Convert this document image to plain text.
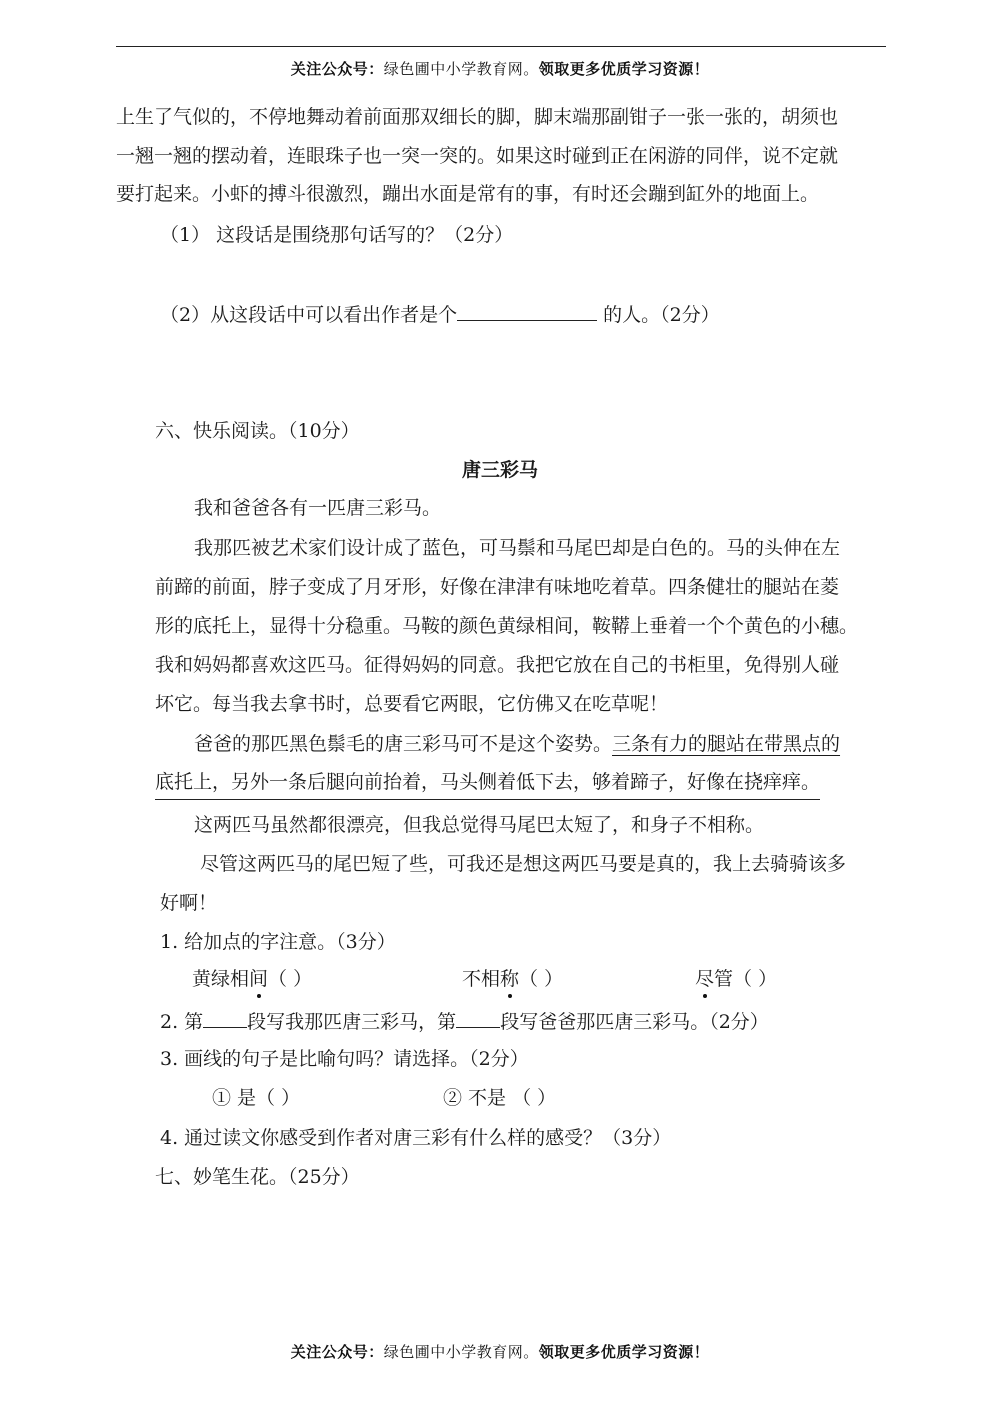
关注公众号：绿色圃中小学教育网。领取更多优质学习资源！
上生了气似的，不停地舞动着前面那双细长的脚，脚末端那副钳子一张一张的，胡须也
一翘一翘的摆动着，连眼珠子也一突一突的。如果这时碰到正在闲游的同伴，说不定就
要打起来。小虾的搏斗很激烈，蹦出水面是常有的事，有时还会蹦到缸外的地面上。
（1） 这段话是围绕那句话写的？（2分）
（2）从这段话中可以看出作者是个	的人。（2分）
六、快乐阅读。（10分）
唐三彩马
我和爸爸各有一匹唐三彩马。
我那匹被艺术家们设计成了蓝色，可马鬃和马尾巴却是白色的。马的头伸在左
前蹄的前面，脖子变成了月牙形，好像在津津有味地吃着草。四条健壮的腿站在菱
形的底托上，显得十分稳重。马鞍的颜色黄绿相间，鞍鞯上垂着一个个黄色的小穗。
我和妈妈都喜欢这匹马。征得妈妈的同意。我把它放在自己的书柜里，免得别人碰
坏它。每当我去拿书时，总要看它两眼，它仿佛又在吃草呢！
爸爸的那匹黑色鬃毛的唐三彩马可不是这个姿势。三条有力的腿站在带黑点的
底托上，另外一条后腿向前抬着，马头侧着低下去，够着蹄子，好像在挠痒痒。
这两匹马虽然都很漂亮，但我总觉得马尾巴太短了，和身子不相称。
尽管这两匹马的尾巴短了些，可我还是想这两匹马要是真的，我上去骑骑该多
好啊！
1. 给加点的字注意。（3分）
黄绿相间（ ）	不相称（ ）	尽管（ ）
2. 第 段写我那匹唐三彩马，第 段写爸爸那匹唐三彩马。（2分）
3. 画线的句子是比喻句吗？请选择。（2分）
① 是（ ）	② 不是 （ ）
4. 通过读文你感受到作者对唐三彩有什么样的感受？（3分）
七、妙笔生花。（25分）
关注公众号：绿色圃中小学教育网。领取更多优质学习资源！
